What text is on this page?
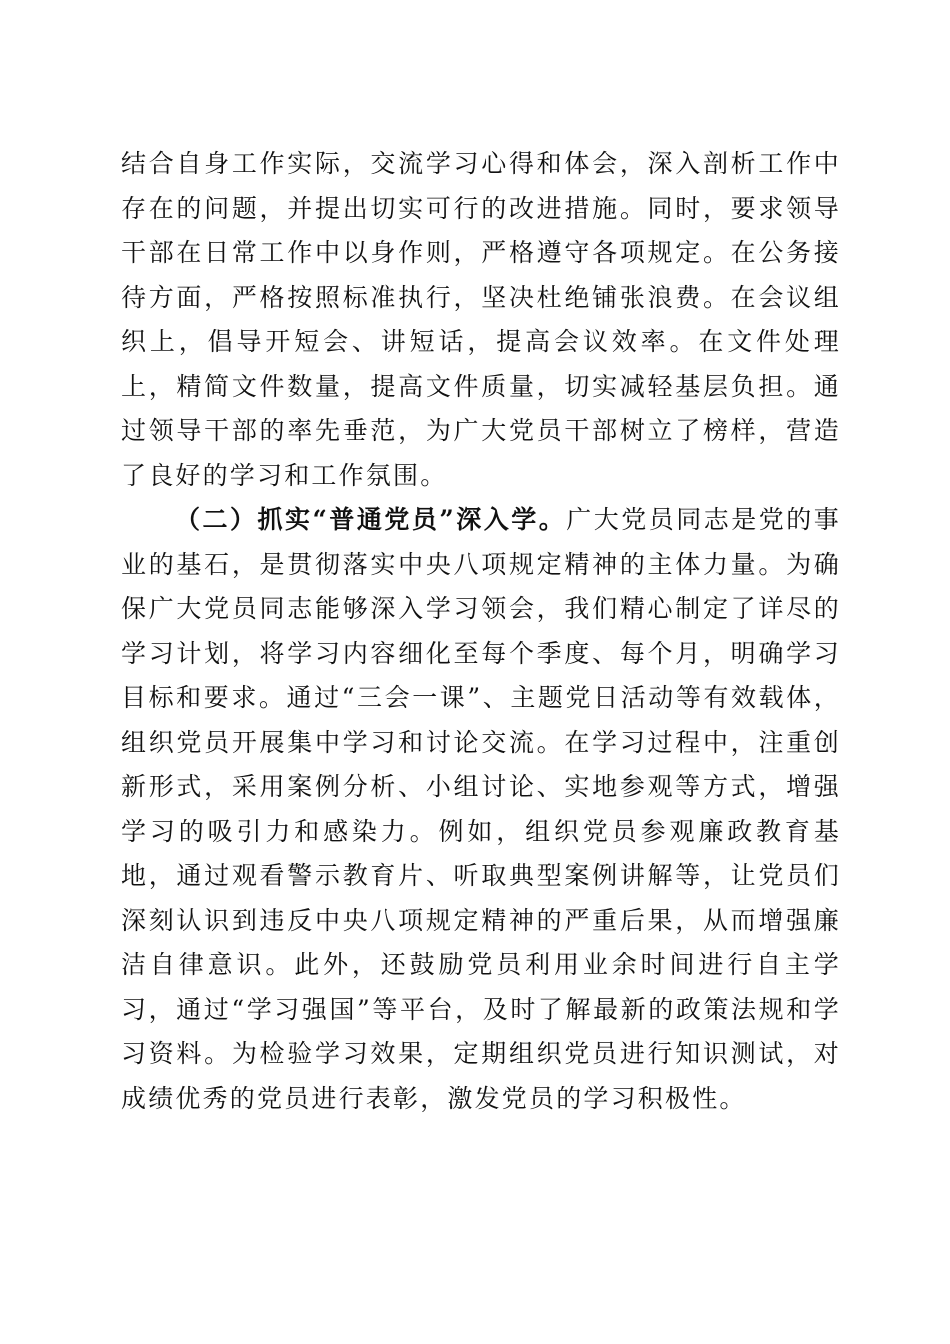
结合自身工作实际，交流学习心得和体会，深入剖析工作中存在的问题，并提出切实可行的改进措施。同时，要求领导干部在日常工作中以身作则，严格遵守各项规定。在公务接待方面，严格按照标准执行，坚决杜绝铺张浪费。在会议组织上，倡导开短会、讲短话，提高会议效率。在文件处理上，精简文件数量，提高文件质量，切实减轻基层负担。通过领导干部的率先垂范，为广大党员干部树立了榜样，营造了良好的学习和工作氛围。

（二）抓实“普通党员”深入学。广大党员同志是党的事业的基石，是贯彻落实中央八项规定精神的主体力量。为确保广大党员同志能够深入学习领会，我们精心制定了详尽的学习计划，将学习内容细化至每个季度、每个月，明确学习目标和要求。通过“三会一课”、主题党日活动等有效载体，组织党员开展集中学习和讨论交流。在学习过程中，注重创新形式，采用案例分析、小组讨论、实地参观等方式，增强学习的吸引力和感染力。例如，组织党员参观廉政教育基地，通过观看警示教育片、听取典型案例讲解等，让党员们深刻认识到违反中央八项规定精神的严重后果，从而增强廉洁自律意识。此外，还鼓励党员利用业余时间进行自主学习，通过“学习强国”等平台，及时了解最新的政策法规和学习资料。为检验学习效果，定期组织党员进行知识测试，对成绩优秀的党员进行表彰，激发党员的学习积极性。
